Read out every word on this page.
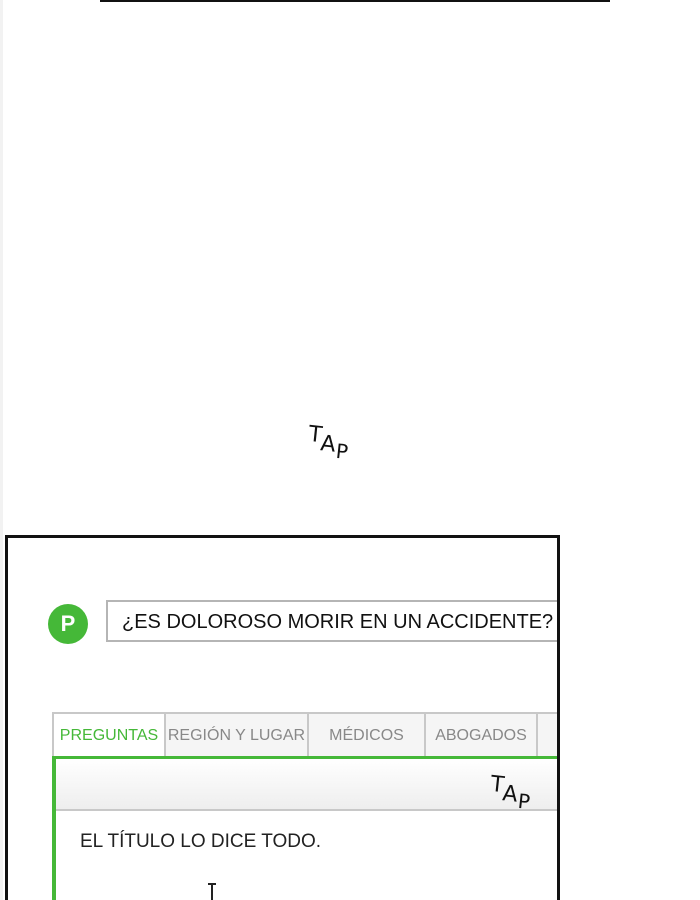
TAP
P	¿ES DOLOROSO MORIR EN UN ACCIDENTE?
PREGUNTAS REGIÓN Y LUGAR	MÉDICOS	ABOGADOS
EL TÍTULO LO DICE TODO.
TAP
